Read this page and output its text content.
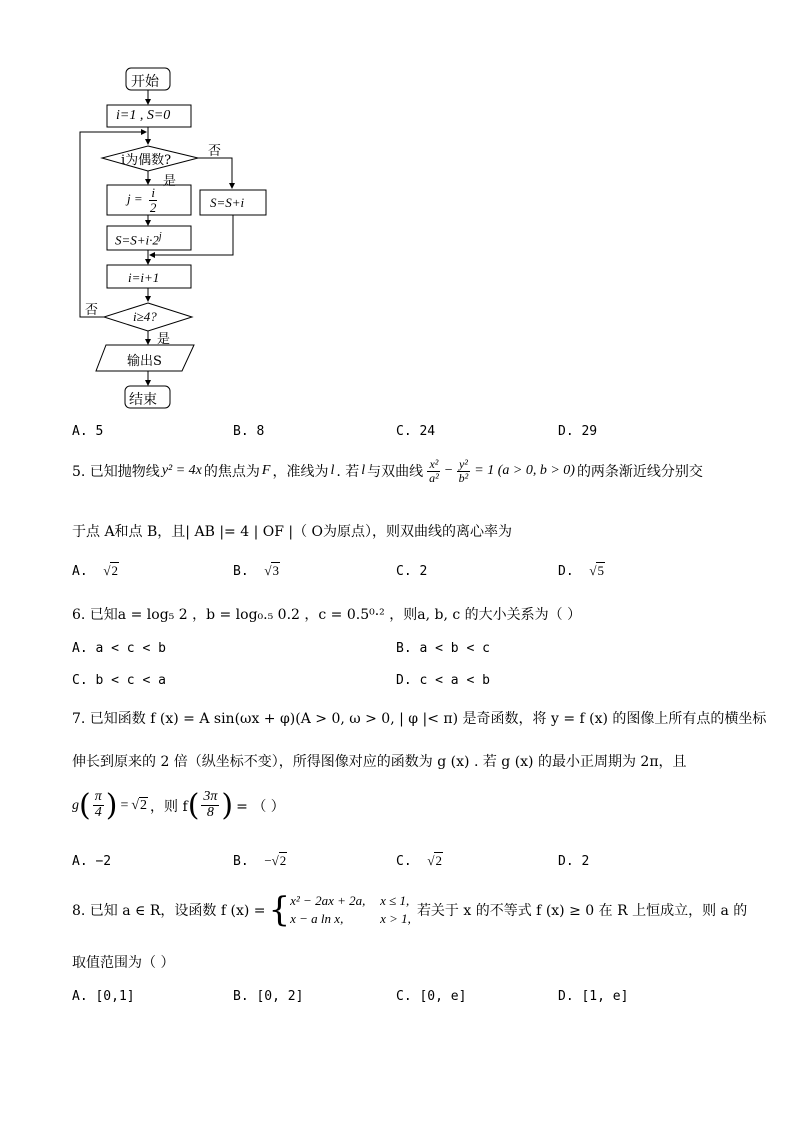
开始
i=1 , S=0
i为偶数?
否
是
$j = \frac{i}{2}$	S=S+i
$S=S+i\cdot 2^j$
i=i+1
i≥4?
否
是
输出S
结束
A. 5	B. 8	C. 24	D. 29
5. 已知抛物线 y² = 4x 的焦点为 F ，准线为 l . 若 l 与双曲线 $\frac{\text{x²}}{\text{a²}} - \frac{\text{y²}}{\text{b²}} = 1$ (a > 0, b > 0) 的两条渐近线分别交
于点 A和点 B，且| AB |= 4 | OF |（ O为原点），则双曲线的离心率为
A. √2	B. √3	C. 2	D. √5
6. 已知a = log₅ 2 ，b = log₀.₅ 0.2 ，c = 0.5⁰·² ，则a, b, c 的大小关系为（ ）
A. a < c < b	B. a < b < c
C. b < c < a	D. c < a < b
7. 已知函数 f (x) = A sin(ωx + φ)(A > 0, ω > 0, | φ |< π) 是奇函数，将 y = f (x) 的图像上所有点的横坐标
伸长到原来的 2 倍（纵坐标不变），所得图像对应的函数为 g (x) . 若 g (x) 的最小正周期为 2π，且
g ( $\frac{\pi}{4}$ ) = √ 2 ，则 f ( $\frac{3\pi}{8}$ ) = （ ）
A. −2	B. −√2	C. √2	D. 2
8. 已知 a ∈ R，设函数 f (x) = { x² − 2ax + 2a, x ≤ 1,
x − a ln x,	x > 1, 若关于 x 的不等式 f (x) ≥ 0 在 R 上恒成立，则 a 的
取值范围为（ ）
A. [0,1]	B. [0, 2]	C. [0, e]	D. [1, e]
